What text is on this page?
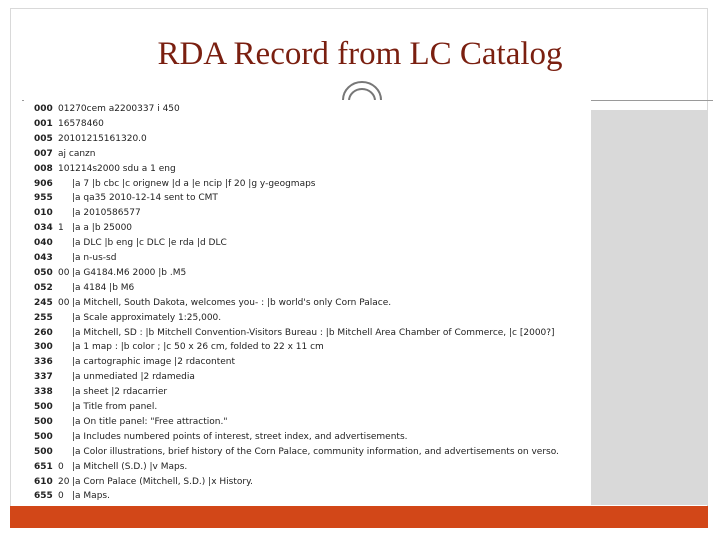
RDA Record from LC Catalog
000 01270cem a2200337 i 450
001 16578460
005 20101215161320.0
007 aj canzn
008 101214s2000 sdu a 1 eng
906 |a 7 |b cbc |c orignew |d a |e ncip |f 20 |g y-geogmaps
955 |a qa35 2010-12-14 sent to CMT
010 |a 2010586577
034 1 |a a |b 25000
040 |a DLC |b eng |c DLC |e rda |d DLC
043 |a n-us-sd
050 00 |a G4184.M6 2000 |b .M5
052 |a 4184 |b M6
245 00 |a Mitchell, South Dakota, welcomes you- : |b world's only Corn Palace.
255 |a Scale approximately 1:25,000.
260 |a Mitchell, SD : |b Mitchell Convention-Visitors Bureau : |b Mitchell Area Chamber of Commerce, |c [2000?]
300 |a 1 map : |b color ; |c 50 x 26 cm, folded to 22 x 11 cm
336 |a cartographic image |2 rdacontent
337 |a unmediated |2 rdamedia
338 |a sheet |2 rdacarrier
500 |a Title from panel.
500 |a On title panel: "Free attraction."
500 |a Includes numbered points of interest, street index, and advertisements.
500 |a Color illustrations, brief history of the Corn Palace, community information, and advertisements on verso.
651 0 |a Mitchell (S.D.) |v Maps.
610 20 |a Corn Palace (Mitchell, S.D.) |x History.
655 0 |a Maps.
